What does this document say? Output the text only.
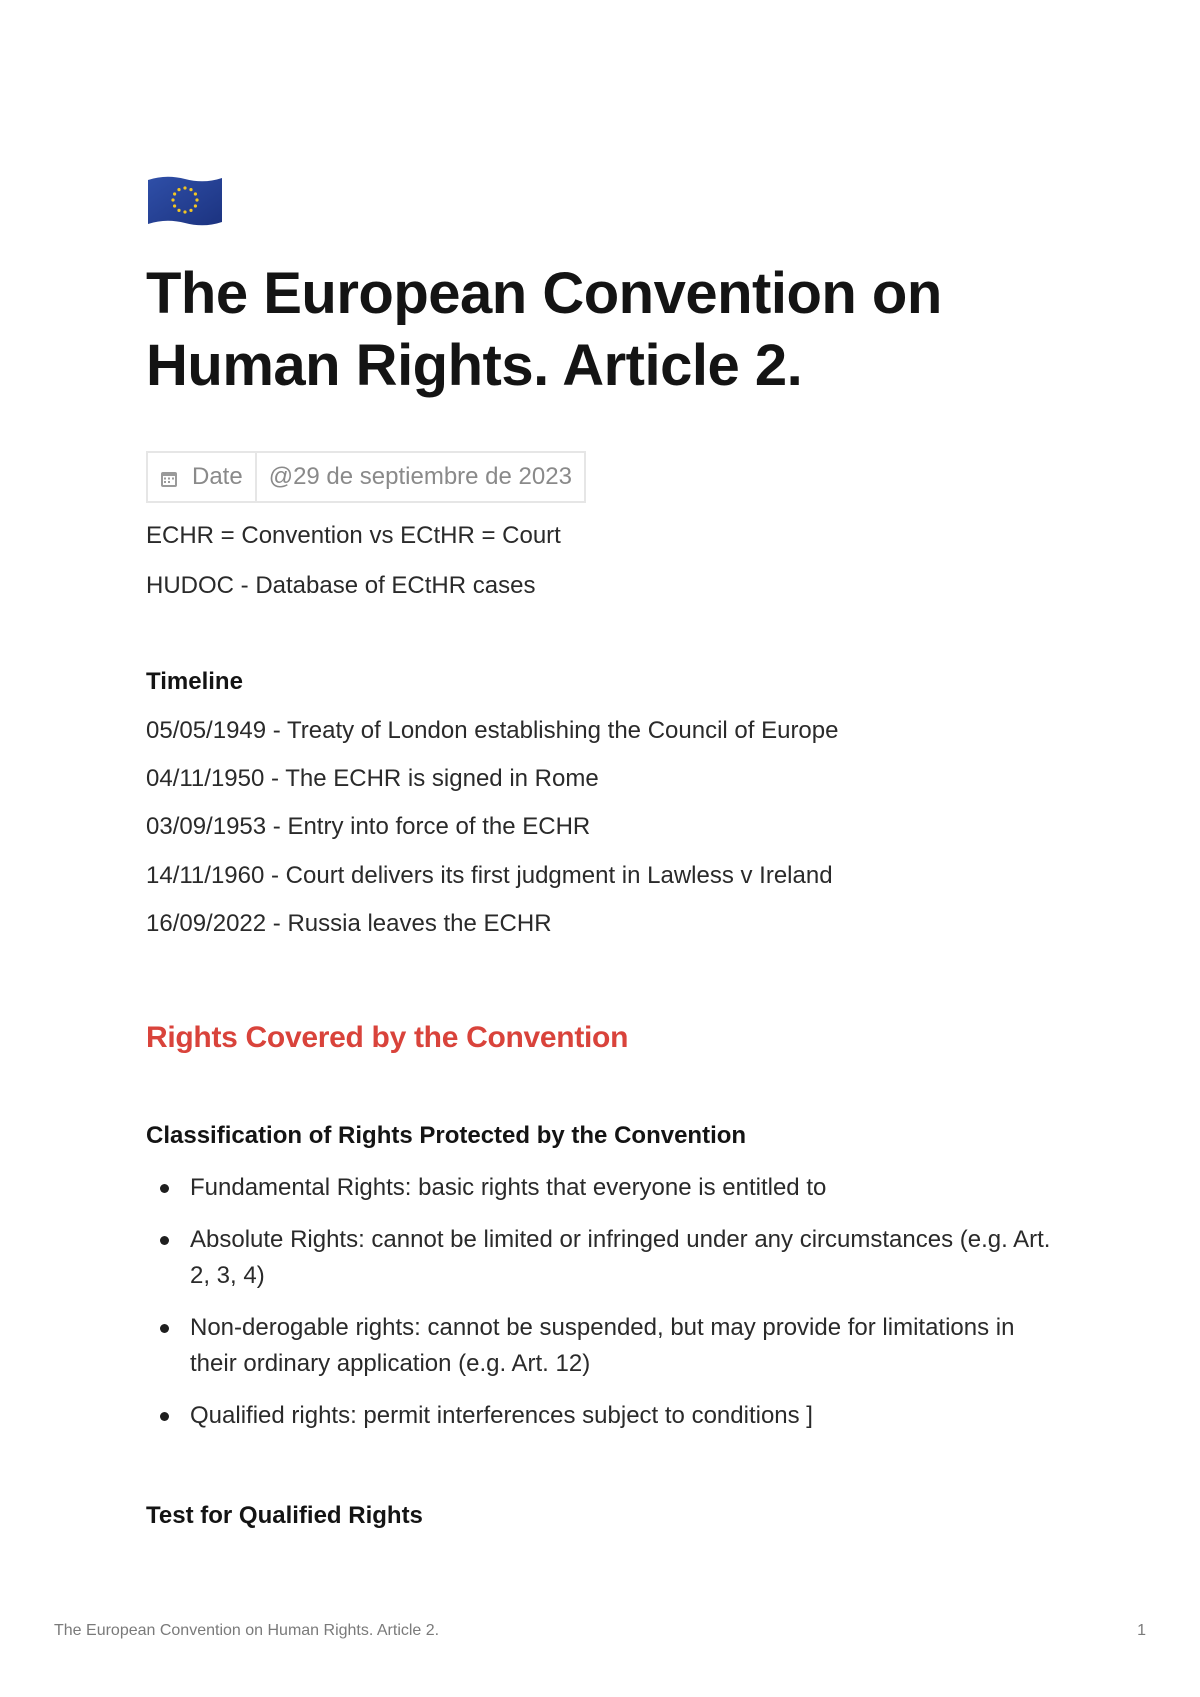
The European Convention on Human Rights. Article 2.
Date	@29 de septiembre de 2023
ECHR = Convention vs ECtHR = Court
HUDOC - Database of ECtHR cases
Timeline
05/05/1949 - Treaty of London establishing the Council of Europe
04/11/1950 - The ECHR is signed in Rome
03/09/1953 - Entry into force of the ECHR
14/11/1960 - Court delivers its first judgment in Lawless v Ireland
16/09/2022 - Russia leaves the ECHR
Rights Covered by the Convention
Classification of Rights Protected by the Convention
Fundamental Rights: basic rights that everyone is entitled to
Absolute Rights: cannot be limited or infringed under any circumstances (e.g. Art. 2, 3, 4)
Non-derogable rights: cannot be suspended, but may provide for limitations in their ordinary application (e.g. Art. 12)
Qualified rights: permit interferences subject to conditions ]
Test for Qualified Rights
The European Convention on Human Rights. Article 2.	1
